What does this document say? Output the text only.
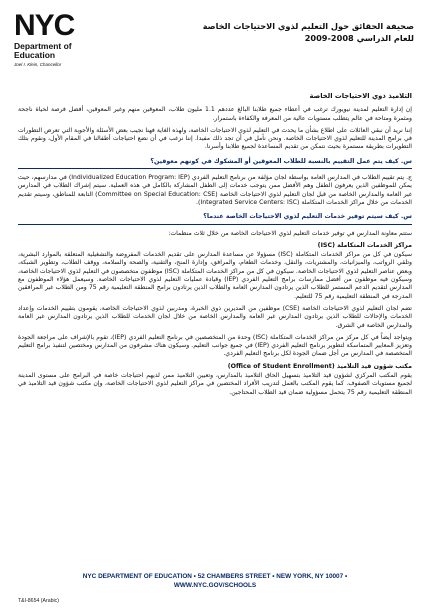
NYC
Department of
Education
Joel I. Klein, Chancellor
صحيفة الحقائق حول التعليم لذوي الاحتياجات الخاصة
للعام الدراسي 2008-2009
التلاميذ ذوي الاحتياجات الخاصة

إن إدارة التعليم لمدينة نيويورك ترغب في أعطاء جميع طلابنا البالغ عددهم 1.1 مليون طلاب، المعوقين منهم وغير المعوقين، أفضل فرصة لحياة ناجحة ومثمرة ومتاحة في عالم يتطلب مستويات عالية من المعرفة والكفاءة باستمرار.

إننا نريد أن نبقي العائلات على اطلاع بشأن ما يحدث في التعليم لذوي الاحتياجات الخاصة، ولهذه الغاية فهنا نجيب بعض الأسئلة والأجوبة التي تعرض التطورات في برامج المدينة للتعليم لذوي الاحتياجات الخاصة. ونحن نأمل في أن تجد ذلك مفيدا. إننا نرغب في أن نضع احتياجات أطفالنا في المقام الأول، ونقوم بتلك التطويرات بطريقة مستمرة بحيث نتمكن من تقديم المساعدة لجميع طلابنا وأسرنا.

س. كيف يتم عمل التقييم بالنسبة للطلاب المعوقين أو المشكوك في كونهم معوقين؟

ج. يتم تقييم الطلاب في المدارس العامة بواسطة لجان مؤلفة من برنامج التعليم الفردي (Individualized Education Program: IEP) في مدارسهم، حيث يمكن للموظفين الذين يعرفون الطفل وهم الأفضل ممن يتوجب خدمات إلى الطفل المشاركة بالكامل في هذه العملية. سيتم إشراك الطلاب في المدارس غير العامة والمدارس الخاصة من قبل لجان التعليم لذوي الاحتياجات الخاصة (Committee on Special Education: CSE) التابعة للمناطق، وسيتم تقديم الخدمات من خلال مراكز الخدمات المتكاملة (Integrated Service Centers: ISC).

س. كيف سيتم توفير خدمات التعليم لذوي الاحتياجات الخاصة عندما؟

ستتم معاونة المدارس في توفير خدمات التعليم لذوي الاحتياجات الخاصة من خلال ثلاث منظمات:

مراكز الخدمات المتكاملة (ISC)

سيكون في كل من مراكز الخدمات المتكاملة (ISC) مسؤولا عن مساعدة المدارس على تقديم الخدمات المفروضة والتشغيلية المتعلقة بالموارد البشرية، وتلقي الرواتب، والميزانيات، والمشتريات، والنقل، وخدمات الطعام، والمرافق، وإدارة المنح، والتقنية، والصحة والسلامة، ووقف الطلاب، وتطوير الشبكة، وبعض عناصر التعليم لذوي الاحتياجات الخاصة. سيكون في كل من مراكز الخدمات المتكاملة (ISC) موظفون متخصصون في التعليم لذوي الاحتياجات الخاصة، وسيكون فيه موظفون من أفضل ممارسات برامج التعليم الفردي (IEP) وقيادة عمليات التعليم لذوي الاحتياجات الخاصة. وسيعمل هؤلاء الموظفون مع المدارس لتقديم الدعم المستمر للطلاب الذين يرتادون المدارس العامة والطلاب الذين يرتادون برامج المنطقة التعليمية رقم 75 ومن الطلاب غير المرافقين المدرجة في المنطقة التعليمية رقم 75 للتعليم.

تضم لجان التعليم لذوي الاحتياجات الخاصة (CSE) موظفين من المديرين ذوي الخبرة، ومدربين لذوي الاحتياجات الخاصة، يقومون بتقييم الخدمات وإعداد الخدمات والإحالات للطلاب الذين يرتادون المدارس غير العامة والمدارس الخاصة من خلال لجان الخدمات للطلاب الذين يرتادون المدارس غير العامة والمدارس الخاصة في الشرق.

ويتواجد أيضاً في كل مركز من مراكز الخدمات المتكاملة (ISC) وحدة من المتخصصين في برنامج التعليم الفردي (IEP)، تقوم بالإشراف على مراجعة الجودة وتعزيز المعايير المتماسكة لتطوير برنامج التعليم الفردي (IEP) في جميع جوانب التعليم. وسيكون هناك مشرفون من المدارس ومختصين لتنفيذ برامج التعليم المتخصصة في المدارس من أجل ضمان الجودة لكل برنامج التعليم الفردي.

مكتب شؤون قيد التلاميذ (Office of Student Enrollment)

يقوم المكتب المركزي لشؤون قيد التلاميذ بتسهيل الحاق التلاميذ بالمدارس، وتعيين التلاميذ ممن لديهم احتياجات خاصة في البرامج على مستوى المدينة لجميع مستويات الصفوف. كما يقوم المكتب بالعمل لتدريب الأفراد المختصين في مراكز التعليم لذوي الاحتياجات الخاصة، وإن مكتب شؤون قيد التلاميذ في المنطقة التعليمية رقم 75 يتحمل مسؤولية ضمان قيد الطلاب المحتاجين.

NYC DEPARTMENT OF EDUCATION • 52 CHAMBERS STREET • NEW YORK, NY 10007 •
WWW.NYC.GOV/SCHOOLS
T&I-8654 (Arabic)
